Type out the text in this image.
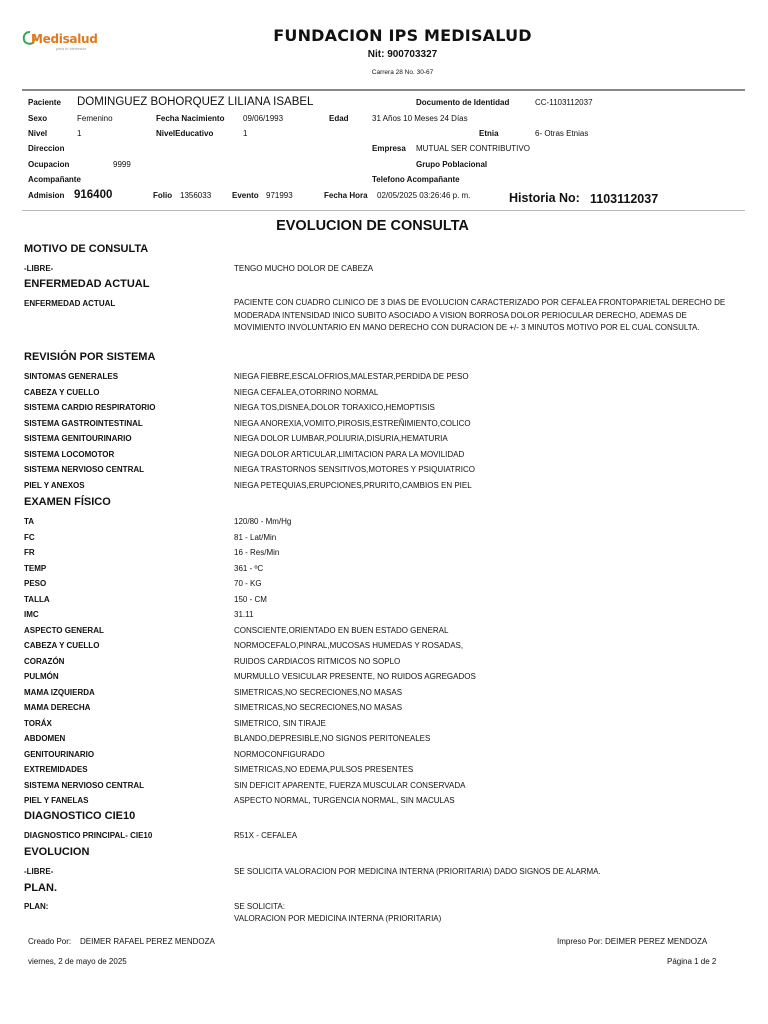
Medisalud
para tu bienestar
FUNDACION IPS MEDISALUD
Nit: 900703327
Carrera 28 No. 30-67
Paciente DOMINGUEZ BOHORQUEZ LILIANA ISABEL	Documento de Identidad	CC-1103112037
Sexo	Femenino	Fecha Nacimiento 09/06/1993	Edad	31 Años 10 Meses 24 Días
Nivel	1	NivelEducativo	1	Etnia	6- Otras Etnias
Direccion	Empresa MUTUAL SER CONTRIBUTIVO
Ocupacion	9999	Grupo Poblacional
Acompañante	Telefono Acompañante
Admision 916400	Folio 1356033	Evento 971993	Fecha Hora 02/05/2025 03:26:46 p. m.	Historia No: 1103112037
EVOLUCION DE CONSULTA
MOTIVO DE CONSULTA
-LIBRE-	TENGO MUCHO DOLOR DE CABEZA
ENFERMEDAD ACTUAL
ENFERMEDAD ACTUAL	PACIENTE CON CUADRO CLINICO DE 3 DIAS DE EVOLUCION CARACTERIZADO POR CEFALEA FRONTOPARIETAL DERECHO DE MODERADA INTENSIDAD INICO SUBITO ASOCIADO A VISION BORROSA DOLOR PERIOCULAR DERECHO, ADEMAS DE MOVIMIENTO INVOLUNTARIO EN MANO DERECHO CON DURACION DE +/- 3 MINUTOS MOTIVO POR EL CUAL CONSULTA.
REVISIÓN POR SISTEMA
SINTOMAS GENERALES	NIEGA FIEBRE,ESCALOFRIOS,MALESTAR,PERDIDA DE PESO
CABEZA Y CUELLO	NIEGA CEFALEA,OTORRINO NORMAL
SISTEMA CARDIO RESPIRATORIO	NIEGA TOS,DISNEA,DOLOR TORAXICO,HEMOPTISIS
SISTEMA GASTROINTESTINAL	NIEGA ANOREXIA,VOMITO,PIROSIS,ESTREÑIMIENTO,COLICO
SISTEMA GENITOURINARIO	NIEGA DOLOR LUMBAR,POLIURIA,DISURIA,HEMATURIA
SISTEMA LOCOMOTOR	NIEGA DOLOR ARTICULAR,LIMITACION PARA LA MOVILIDAD
SISTEMA NERVIOSO CENTRAL	NIEGA TRASTORNOS SENSITIVOS,MOTORES Y PSIQUIATRICO
PIEL Y ANEXOS	NIEGA PETEQUIAS,ERUPCIONES,PRURITO,CAMBIOS EN PIEL
EXAMEN FÍSICO
TA	120/80 - Mm/Hg
FC	81 - Lat/Min
FR	16 - Res/Min
TEMP	361 - ºC
PESO	70 - KG
TALLA	150 - CM
IMC	31.11
ASPECTO GENERAL	CONSCIENTE,ORIENTADO EN BUEN ESTADO GENERAL
CABEZA Y CUELLO	NORMOCEFALO,PINRAL,MUCOSAS HUMEDAS Y ROSADAS,
CORAZÓN	RUIDOS CARDIACOS RITMICOS NO SOPLO
PULMÓN	MURMULLO VESICULAR PRESENTE, NO RUIDOS AGREGADOS
MAMA IZQUIERDA	SIMETRICAS,NO SECRECIONES,NO MASAS
MAMA DERECHA	SIMETRICAS,NO SECRECIONES,NO MASAS
TORÁX	SIMETRICO, SIN TIRAJE
ABDOMEN	BLANDO,DEPRESIBLE,NO SIGNOS PERITONEALES
GENITOURINARIO	NORMOCONFIGURADO
EXTREMIDADES	SIMETRICAS,NO EDEMA,PULSOS PRESENTES
SISTEMA NERVIOSO CENTRAL	SIN DEFICIT APARENTE, FUERZA MUSCULAR CONSERVADA
PIEL Y FANELAS	ASPECTO NORMAL, TURGENCIA NORMAL, SIN MACULAS
DIAGNOSTICO CIE10
DIAGNOSTICO PRINCIPAL- CIE10	R51X - CEFALEA
EVOLUCION
-LIBRE-	SE SOLICITA VALORACION POR MEDICINA INTERNA (PRIORITARIA) DADO SIGNOS DE ALARMA.
PLAN.
PLAN:	SE SOLICITA:
VALORACION POR MEDICINA INTERNA (PRIORITARIA)
Creado Por:    DEIMER RAFAEL PEREZ MENDOZA	Impreso Por: DEIMER PEREZ MENDOZA
viernes, 2 de mayo de 2025	Página 1 de 2
